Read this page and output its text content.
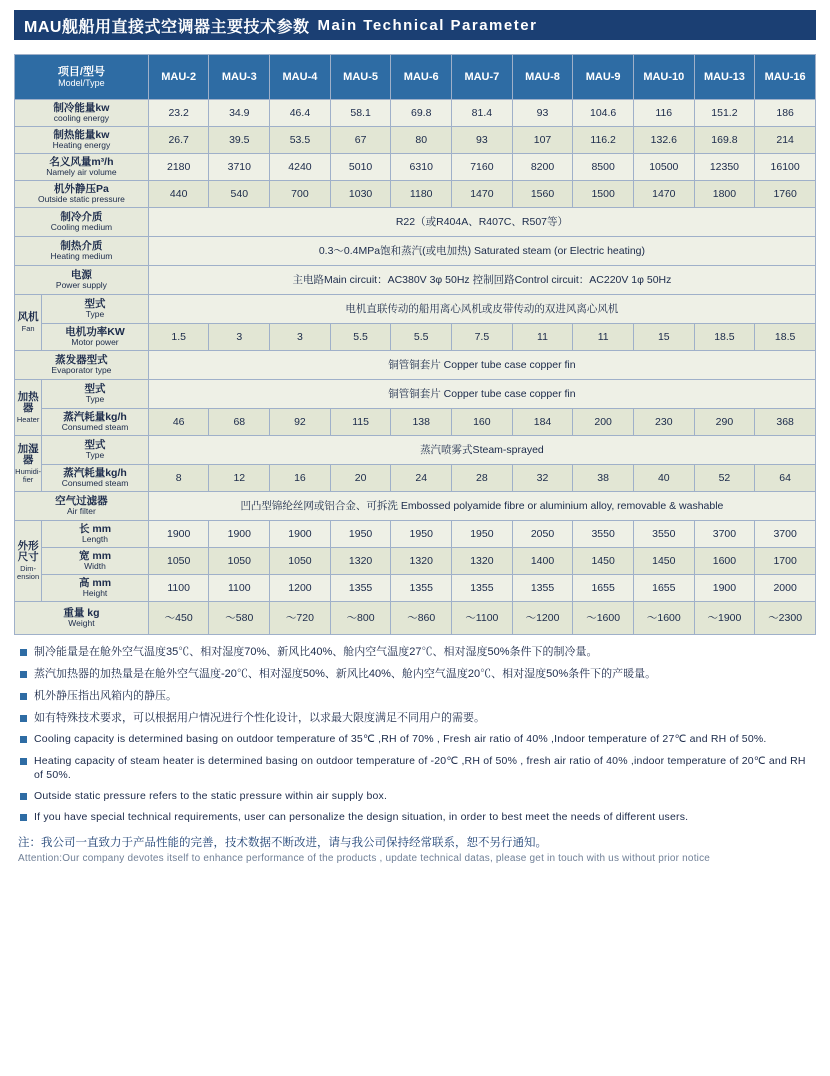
MAU舰船用直接式空调器主要技术参数 Main Technical Parameter
项目/型号
Model/Type		MAU-2	MAU-3	MAU-4	MAU-5	MAU-6	MAU-7	MAU-8	MAU-9	MAU-10	MAU-13	MAU-16

制冷能量kw
cooling energy		23.2	34.9	46.4	58.1	69.8	81.4	93	104.6	116	151.2	186

制热能量kw
Heating energy		26.7	39.5	53.5	67	80	93	107	116.2	132.6	169.8	214

名义风量m³/h
Namely air volume		2180	3710	4240	5010	6310	7160	8200	8500	10500	12350	16100

机外静压Pa
Outside static pressure		440	540	700	1030	1180	1470	1560	1500	1470	1800	1760

制冷介质
Cooling medium		R22（或R404A、R407C、R507等）										

制热介质
Heating medium		0.3～0.4MPa饱和蒸汽(或电加热) Saturated steam (or Electric heating)										

电源
Power supply		主电路Main circuit：AC380V 3φ 50Hz 控制回路Control circuit：AC220V 1φ 50Hz										

风机
Fan	型式
Type	电机直联传动的船用离心风机或皮带传动的双进风离心风机										

	电机功率KW
Motor power	1.5	3	3	5.5	5.5	7.5	11	11	15	18.5	18.5

蒸发器型式
Evaporator type		铜管铜套片 Copper tube case copper fin										

加热器
Heater	型式
Type	铜管铜套片 Copper tube case copper fin										

	蒸汽耗量kg/h
Consumed steam	46	68	92	115	138	160	184	200	230	290	368

加湿器
Humidi-fier	型式
Type	蒸汽喷雾式Steam-sprayed										

	蒸汽耗量kg/h
Consumed steam	8	12	16	20	24	28	32	38	40	52	64

空气过滤器
Air filter		凹凸型锦纶丝网或铝合金、可拆洗 Embossed polyamide fibre or aluminium alloy, removable & washable										

外形尺寸
Dim-ension	长 mm
Length	1900	1900	1900	1950	1950	1950	2050	3550	3550	3700	3700

	宽 mm
Width	1050	1050	1050	1320	1320	1320	1400	1450	1450	1600	1700

	高 mm
Height	1100	1100	1200	1355	1355	1355	1355	1655	1655	1900	2000

重量 kg
Weight		～450	～580	～720	～800	～860	～1100	～1200	～1600	～1600	～1900	～2300
制冷能量是在舱外空气温度35℃、相对湿度70%、新风比40%、舱内空气温度27℃、相对湿度50%条件下的制冷量。
蒸汽加热器的加热量是在舱外空气温度-20℃、相对湿度50%、新风比40%、舱内空气温度20℃、相对湿度50%条件下的产暖量。
机外静压指出风箱内的静压。
如有特殊技术要求，可以根据用户情况进行个性化设计，以求最大限度满足不同用户的需要。
Cooling capacity is determined basing on outdoor temperature of 35℃ ,RH of 70% , Fresh air ratio of 40% ,Indoor temperature of 27℃ and RH of 50%.
Heating capacity of steam heater is determined basing on outdoor temperature of -20℃ ,RH of 50% , fresh air ratio of 40% ,indoor temperature of 20℃ and RH of 50%.
Outside static pressure refers to the static pressure within air supply box.
If you have special technical requirements, user can personalize the design situation, in order to best meet the needs of different users.
注：我公司一直致力于产品性能的完善，技术数据不断改进，请与我公司保持经常联系，恕不另行通知。
Attention:Our company devotes itself to enhance performance of the products , update technical datas, please get in touch with us without prior notice
